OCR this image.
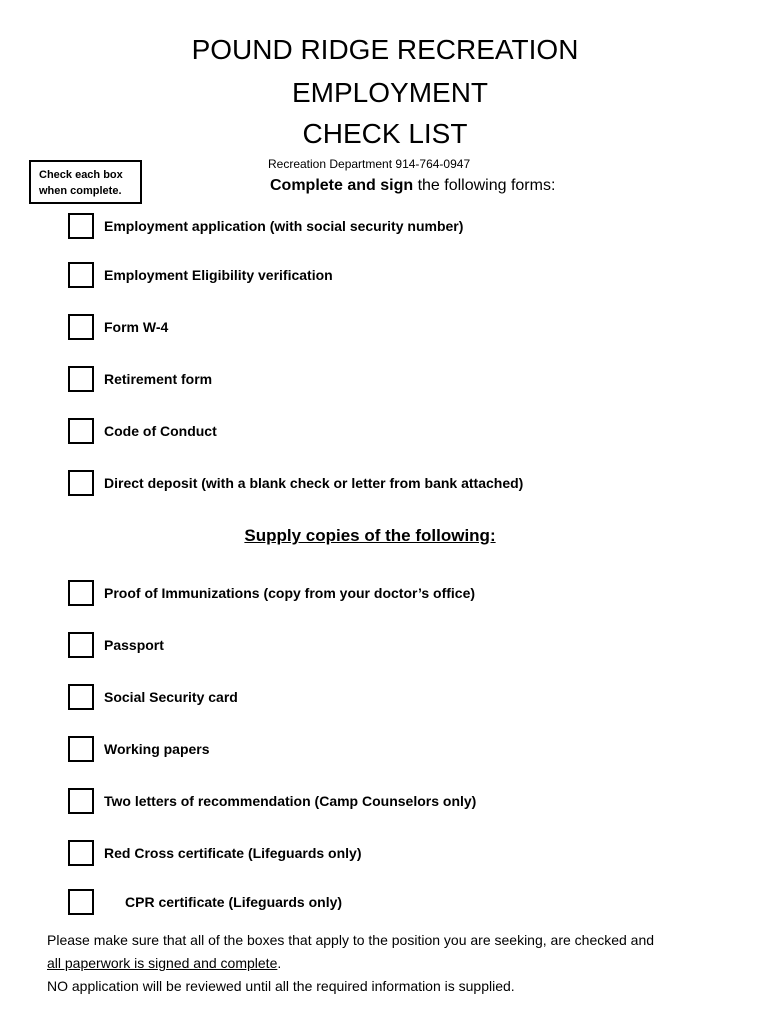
POUND RIDGE RECREATION
EMPLOYMENT
CHECK LIST
Recreation Department 914-764-0947
Check each box
when complete.	Complete and sign the following forms:
Employment application (with social security number)
Employment Eligibility verification
Form W-4
Retirement form
Code of Conduct
Direct deposit (with a blank check or letter from bank attached)
Supply copies of the following:
Proof of Immunizations (copy from your doctor’s office)
Passport
Social Security card
Working papers
Two letters of recommendation (Camp Counselors only)
Red Cross certificate (Lifeguards only)
CPR certificate (Lifeguards only)
Please make sure that all of the boxes that apply to the position you are seeking, are checked and
all paperwork is signed and complete.
NO application will be reviewed until all the required information is supplied.
